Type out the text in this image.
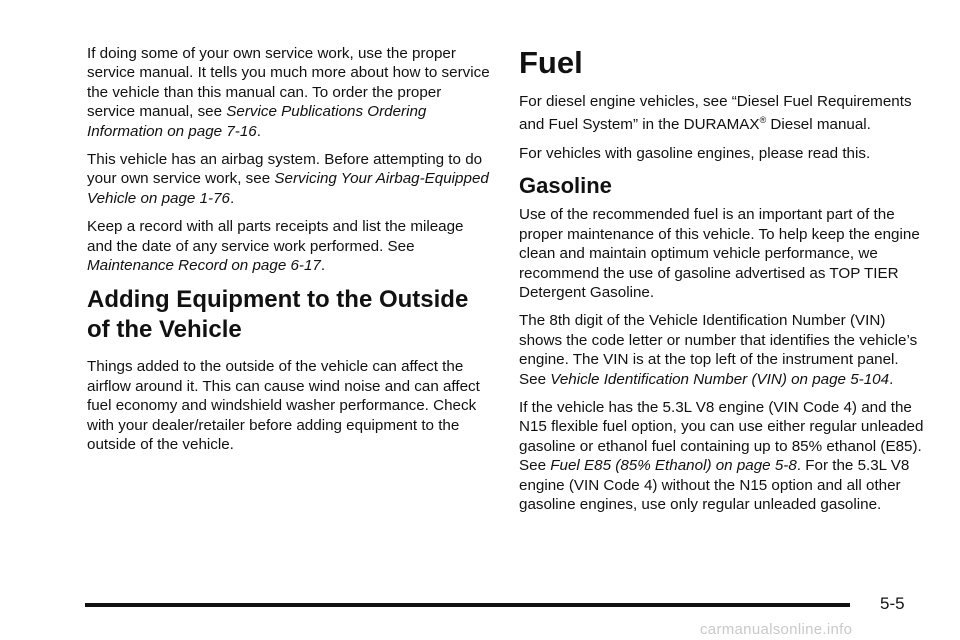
If doing some of your own service work, use the proper service manual. It tells you much more about how to service the vehicle than this manual can. To order the proper service manual, see Service Publications Ordering Information on page 7-16.

This vehicle has an airbag system. Before attempting to do your own service work, see Servicing Your Airbag-Equipped Vehicle on page 1-76.

Keep a record with all parts receipts and list the mileage and the date of any service work performed. See Maintenance Record on page 6-17.

Adding Equipment to the Outside of the Vehicle

Things added to the outside of the vehicle can affect the airflow around it. This can cause wind noise and can affect fuel economy and windshield washer performance. Check with your dealer/retailer before adding equipment to the outside of the vehicle.

Fuel

For diesel engine vehicles, see “Diesel Fuel Requirements and Fuel System” in the DURAMAX® Diesel manual.

For vehicles with gasoline engines, please read this.

Gasoline

Use of the recommended fuel is an important part of the proper maintenance of this vehicle. To help keep the engine clean and maintain optimum vehicle performance, we recommend the use of gasoline advertised as TOP TIER Detergent Gasoline.

The 8th digit of the Vehicle Identification Number (VIN) shows the code letter or number that identifies the vehicle’s engine. The VIN is at the top left of the instrument panel. See Vehicle Identification Number (VIN) on page 5-104.

If the vehicle has the 5.3L V8 engine (VIN Code 4) and the N15 flexible fuel option, you can use either regular unleaded gasoline or ethanol fuel containing up to 85% ethanol (E85). See Fuel E85 (85% Ethanol) on page 5-8. For the 5.3L V8 engine (VIN Code 4) without the N15 option and all other gasoline engines, use only regular unleaded gasoline.

5-5
carmanualsonline.info
